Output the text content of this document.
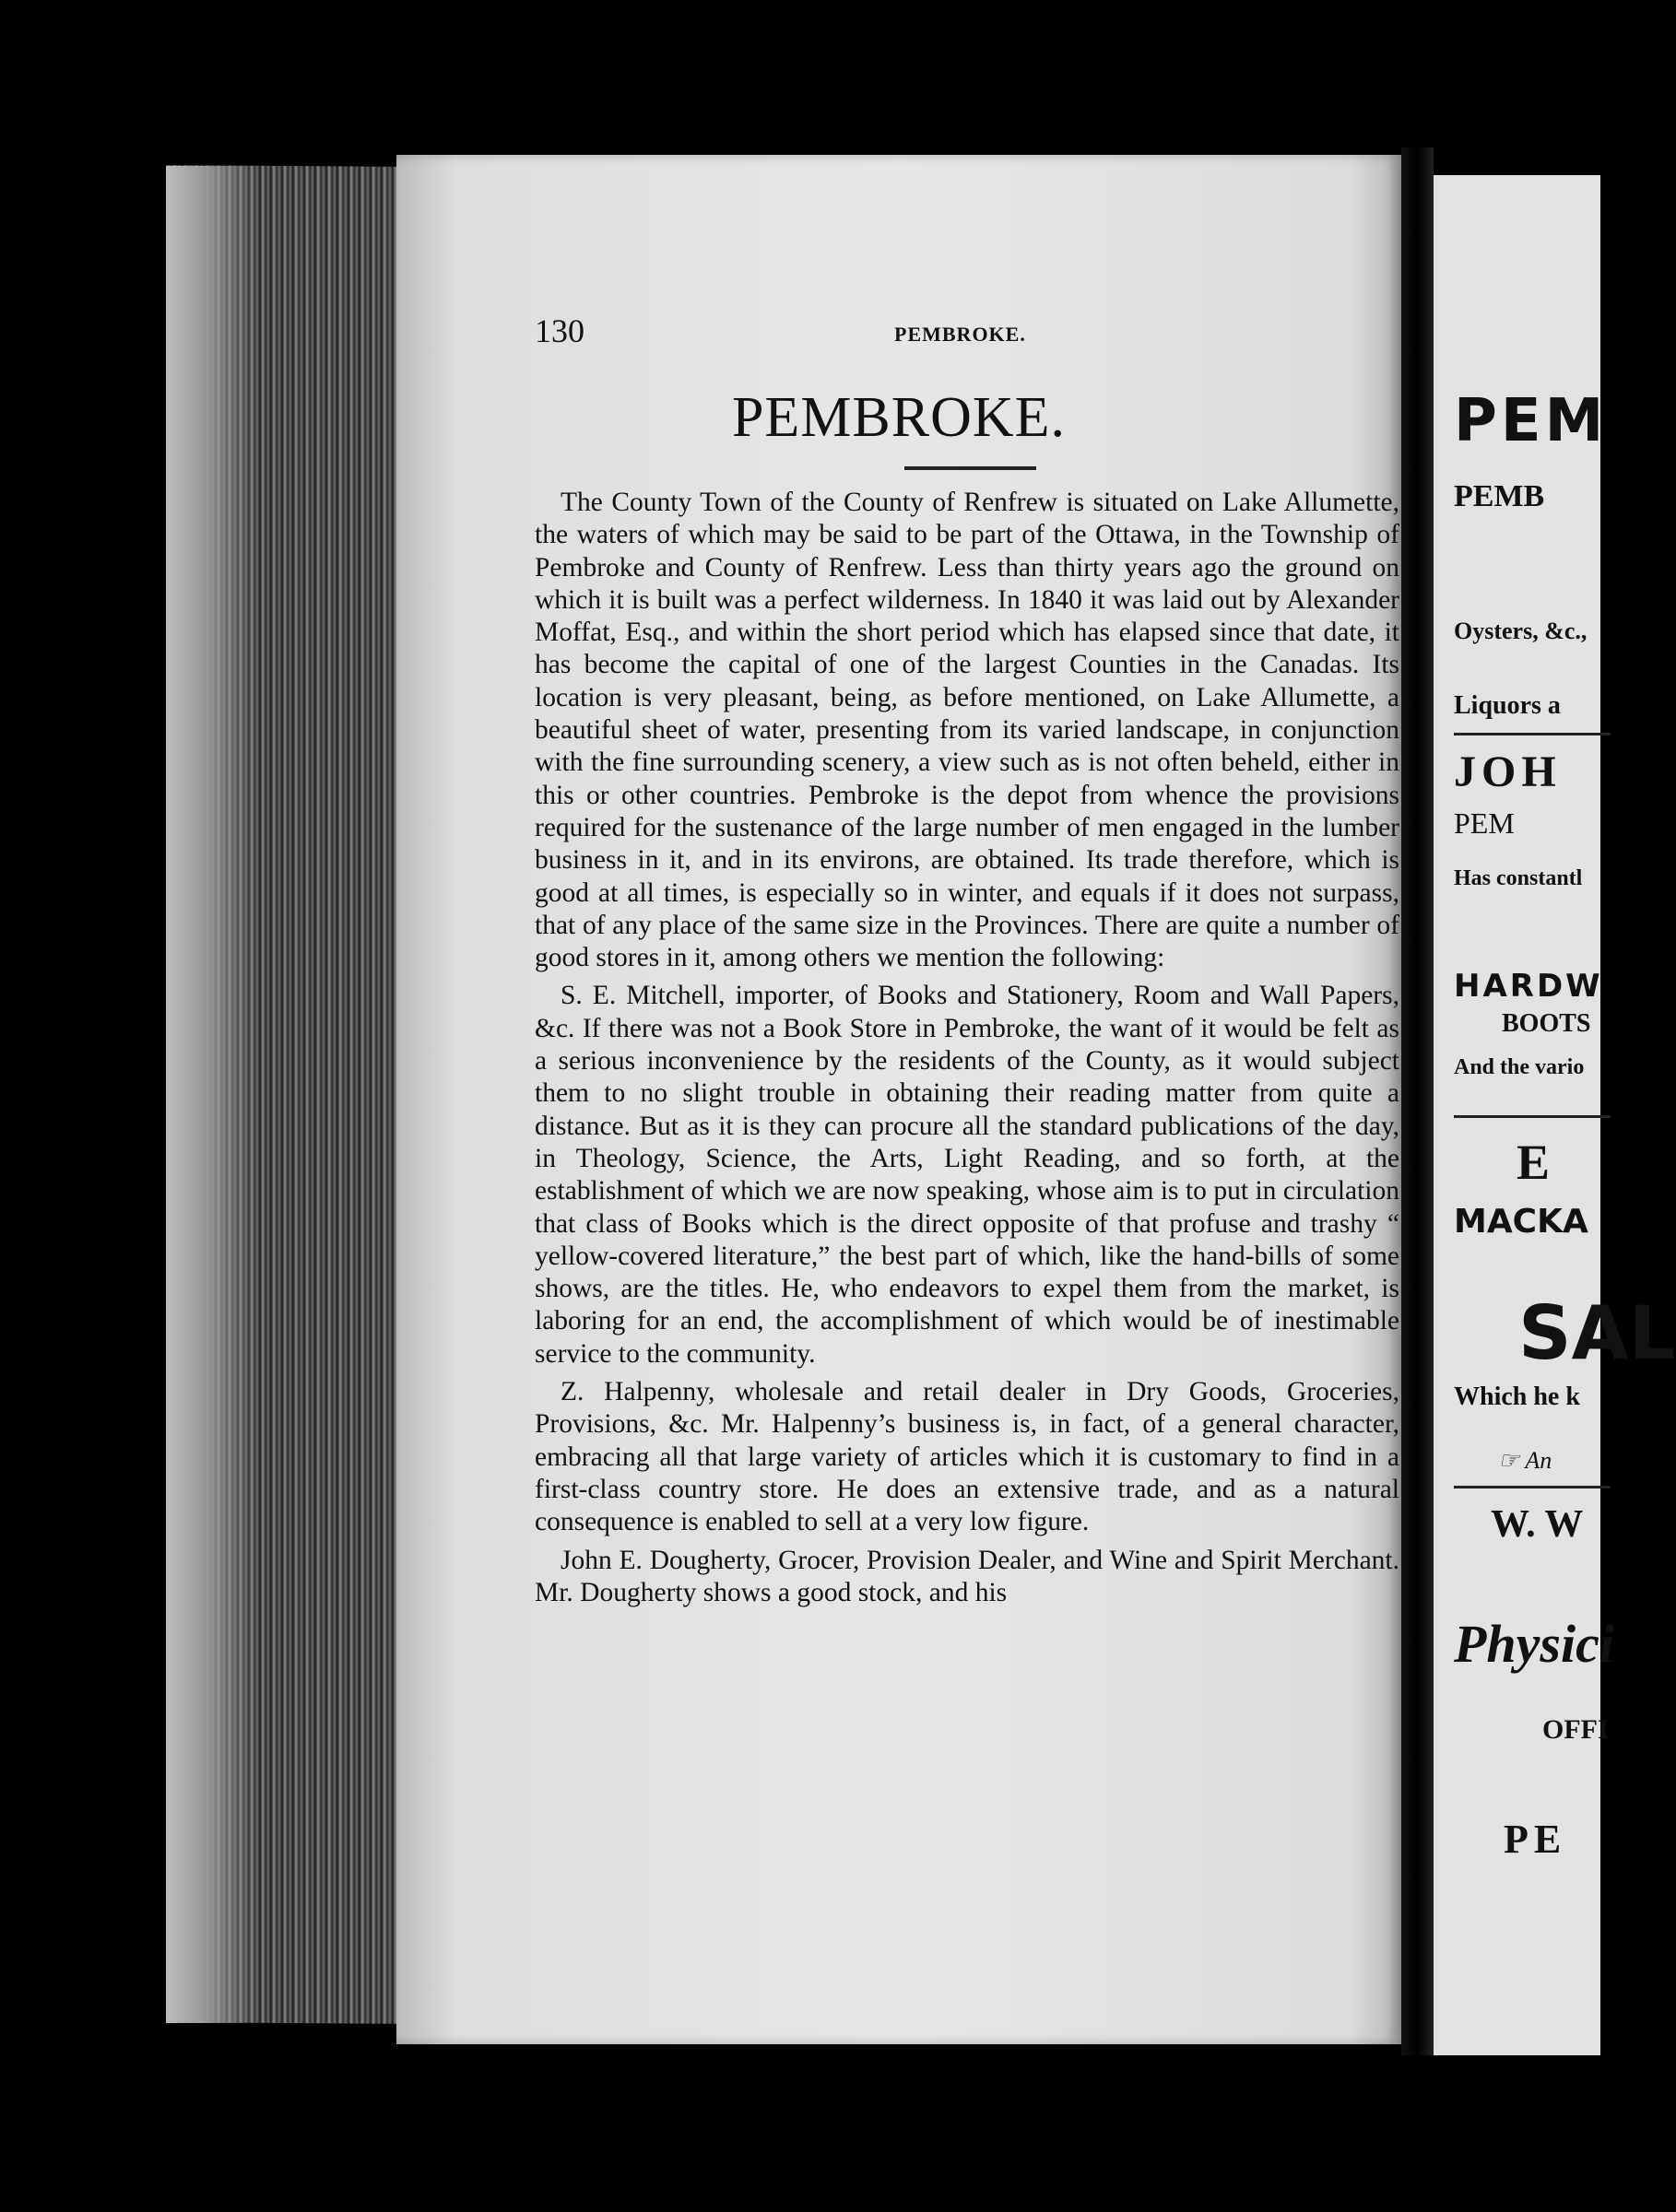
130	PEMBROKE.
PEMBROKE.

The County Town of the County of Renfrew is situated on Lake Allumette, the waters of which may be said to be part of the Ottawa, in the Township of Pembroke and County of Renfrew. Less than thirty years ago the ground on which it is built was a perfect wilderness. In 1840 it was laid out by Alexander Moffat, Esq., and within the short period which has elapsed since that date, it has become the capital of one of the largest Counties in the Canadas. Its location is very pleasant, being, as before mentioned, on Lake Allumette, a beautiful sheet of water, presenting from its varied landscape, in conjunction with the fine surrounding scenery, a view such as is not often beheld, either in this or other countries. Pembroke is the depot from whence the provisions required for the sustenance of the large number of men engaged in the lumber business in it, and in its environs, are obtained. Its trade therefore, which is good at all times, is especially so in winter, and equals if it does not surpass, that of any place of the same size in the Provinces. There are quite a number of good stores in it, among others we mention the following:

S. E. Mitchell, importer, of Books and Stationery, Room and Wall Papers, &c. If there was not a Book Store in Pembroke, the want of it would be felt as a serious inconvenience by the residents of the County, as it would subject them to no slight trouble in obtaining their reading matter from quite a distance. But as it is they can procure all the standard publications of the day, in Theology, Science, the Arts, Light Reading, and so forth, at the establishment of which we are now speaking, whose aim is to put in circulation that class of Books which is the direct opposite of that profuse and trashy “ yellow-covered literature,” the best part of which, like the hand-bills of some shows, are the titles. He, who endeavors to expel them from the market, is laboring for an end, the accomplishment of which would be of inestimable service to the community.

Z. Halpenny, wholesale and retail dealer in Dry Goods, Groceries, Provisions, &c. Mr. Halpenny’s business is, in fact, of a general character, embracing all that large variety of articles which it is customary to find in a first-class country store. He does an extensive trade, and as a natural consequence is enabled to sell at a very low figure.

John E. Dougherty, Grocer, Provision Dealer, and Wine and Spirit Merchant. Mr. Dougherty shows a good stock, and his

PEM
PEMB
Oysters, &c.,
Liquors a
JOH
PEM
Has constantl
HARDW
BOOTS
And the vario
E
MACKA
SAL
Which he k
☞ An
W. W
Physici
OFFI
PE
